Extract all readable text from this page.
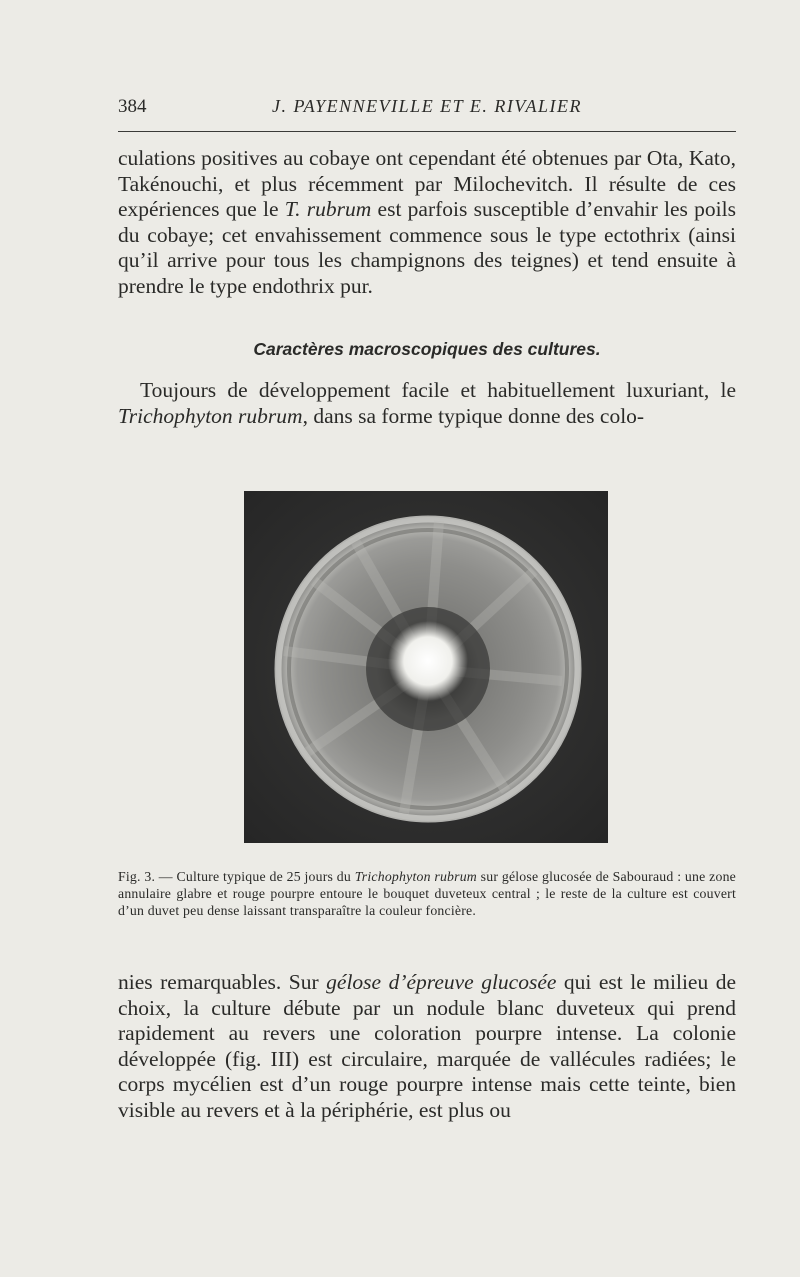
384	J. PAYENNEVILLE ET E. RIVALIER

culations positives au cobaye ont cependant été obtenues par Ota, Kato, Takénouchi, et plus récemment par Milochevitch. Il résulte de ces expériences que le T. rubrum est parfois susceptible d’envahir les poils du cobaye; cet envahissement commence sous le type ectothrix (ainsi qu’il arrive pour tous les champignons des teignes) et tend ensuite à prendre le type endothrix pur.

Caractères macroscopiques des cultures.

Toujours de développement facile et habituellement luxuriant, le Trichophyton rubrum, dans sa forme typique donne des colo-

Fig. 3. — Culture typique de 25 jours du Trichophyton rubrum sur gélose glucosée de Sabouraud : une zone annulaire glabre et rouge pourpre entoure le bouquet duveteux central ; le reste de la culture est couvert d’un duvet peu dense laissant transparaître la couleur foncière.

nies remarquables. Sur gélose d’épreuve glucosée qui est le milieu de choix, la culture débute par un nodule blanc duveteux qui prend rapidement au revers une coloration pourpre intense. La colonie développée (fig. III) est circulaire, marquée de vallécules radiées; le corps mycélien est d’un rouge pourpre intense mais cette teinte, bien visible au revers et à la périphérie, est plus ou
